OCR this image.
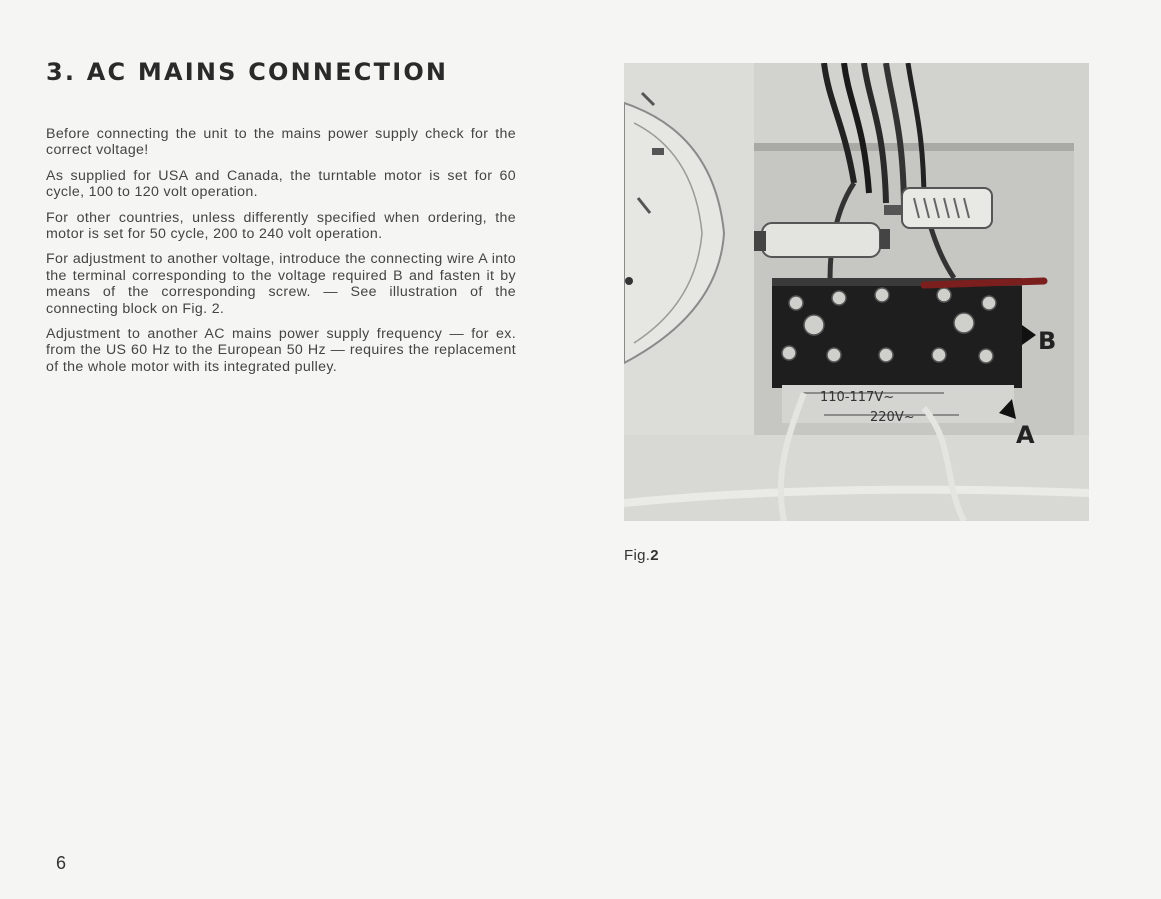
3. AC MAINS CONNECTION

Before connecting the unit to the mains power supply check for the correct voltage!

As supplied for USA and Canada, the turntable motor is set for 60 cycle, 100 to 120 volt operation.

For other countries, unless differently specified when ordering, the motor is set for 50 cycle, 200 to 240 volt operation.

For adjustment to another voltage, introduce the connecting wire A into the terminal corresponding to the voltage required B and fasten it by means of the corresponding screw. — See illustration of the connecting block on Fig. 2.

Adjustment to another AC mains power supply frequency — for ex. from the US 60 Hz to the European 50 Hz — requires the replacement of the whole motor with its integrated pulley.

110-117V~
220V~
B
A
Fig.2
6
